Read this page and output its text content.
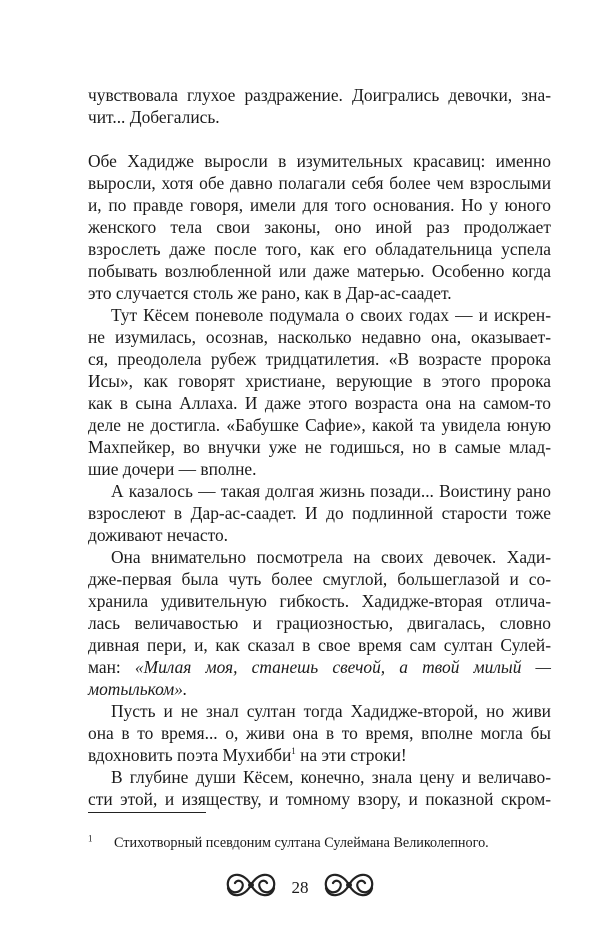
чувствовала глухое раздражение. Доигрались девочки, зна-
чит... Добегались.
Обе Хадидже выросли в изумительных красавиц: именно
выросли, хотя обе давно полагали себя более чем взрослыми
и, по правде говоря, имели для того основания. Но у юного
женского тела свои законы, оно иной раз продолжает
взрослеть даже после того, как его обладательница успела
побывать возлюбленной или даже матерью. Особенно когда
это случается столь же рано, как в Дар-ас-саадет.
Тут Кёсем поневоле подумала о своих годах — и искрен-
не изумилась, осознав, насколько недавно она, оказывает-
ся, преодолела рубеж тридцатилетия. «В возрасте пророка
Исы», как говорят христиане, верующие в этого пророка
как в сына Аллаха. И даже этого возраста она на самом-то
деле не достигла. «Бабушке Сафие», какой та увидела юную
Махпейкер, во внучки уже не годишься, но в самые млад-
шие дочери — вполне.
А казалось — такая долгая жизнь позади... Воистину рано
взрослеют в Дар-ас-саадет. И до подлинной старости тоже
доживают нечасто.
Она внимательно посмотрела на своих девочек. Хади-
дже-первая была чуть более смуглой, большеглазой и со-
хранила удивительную гибкость. Хадидже-вторая отлича-
лась величавостью и грациозностью, двигалась, словно
дивная пери, и, как сказал в свое время сам султан Сулей-
ман: «Милая моя, станешь свечой, а твой милый —
мотыльком».
Пусть и не знал султан тогда Хадидже-второй, но живи
она в то время... о, живи она в то время, вполне могла бы
вдохновить поэта Мухибби$^1$ на эти строки!
В глубине души Кёсем, конечно, знала цену и величаво-
сти этой, и изяществу, и томному взору, и показной скром-
$^1$ Стихотворный псевдоним султана Сулеймана Великолепного.
28
